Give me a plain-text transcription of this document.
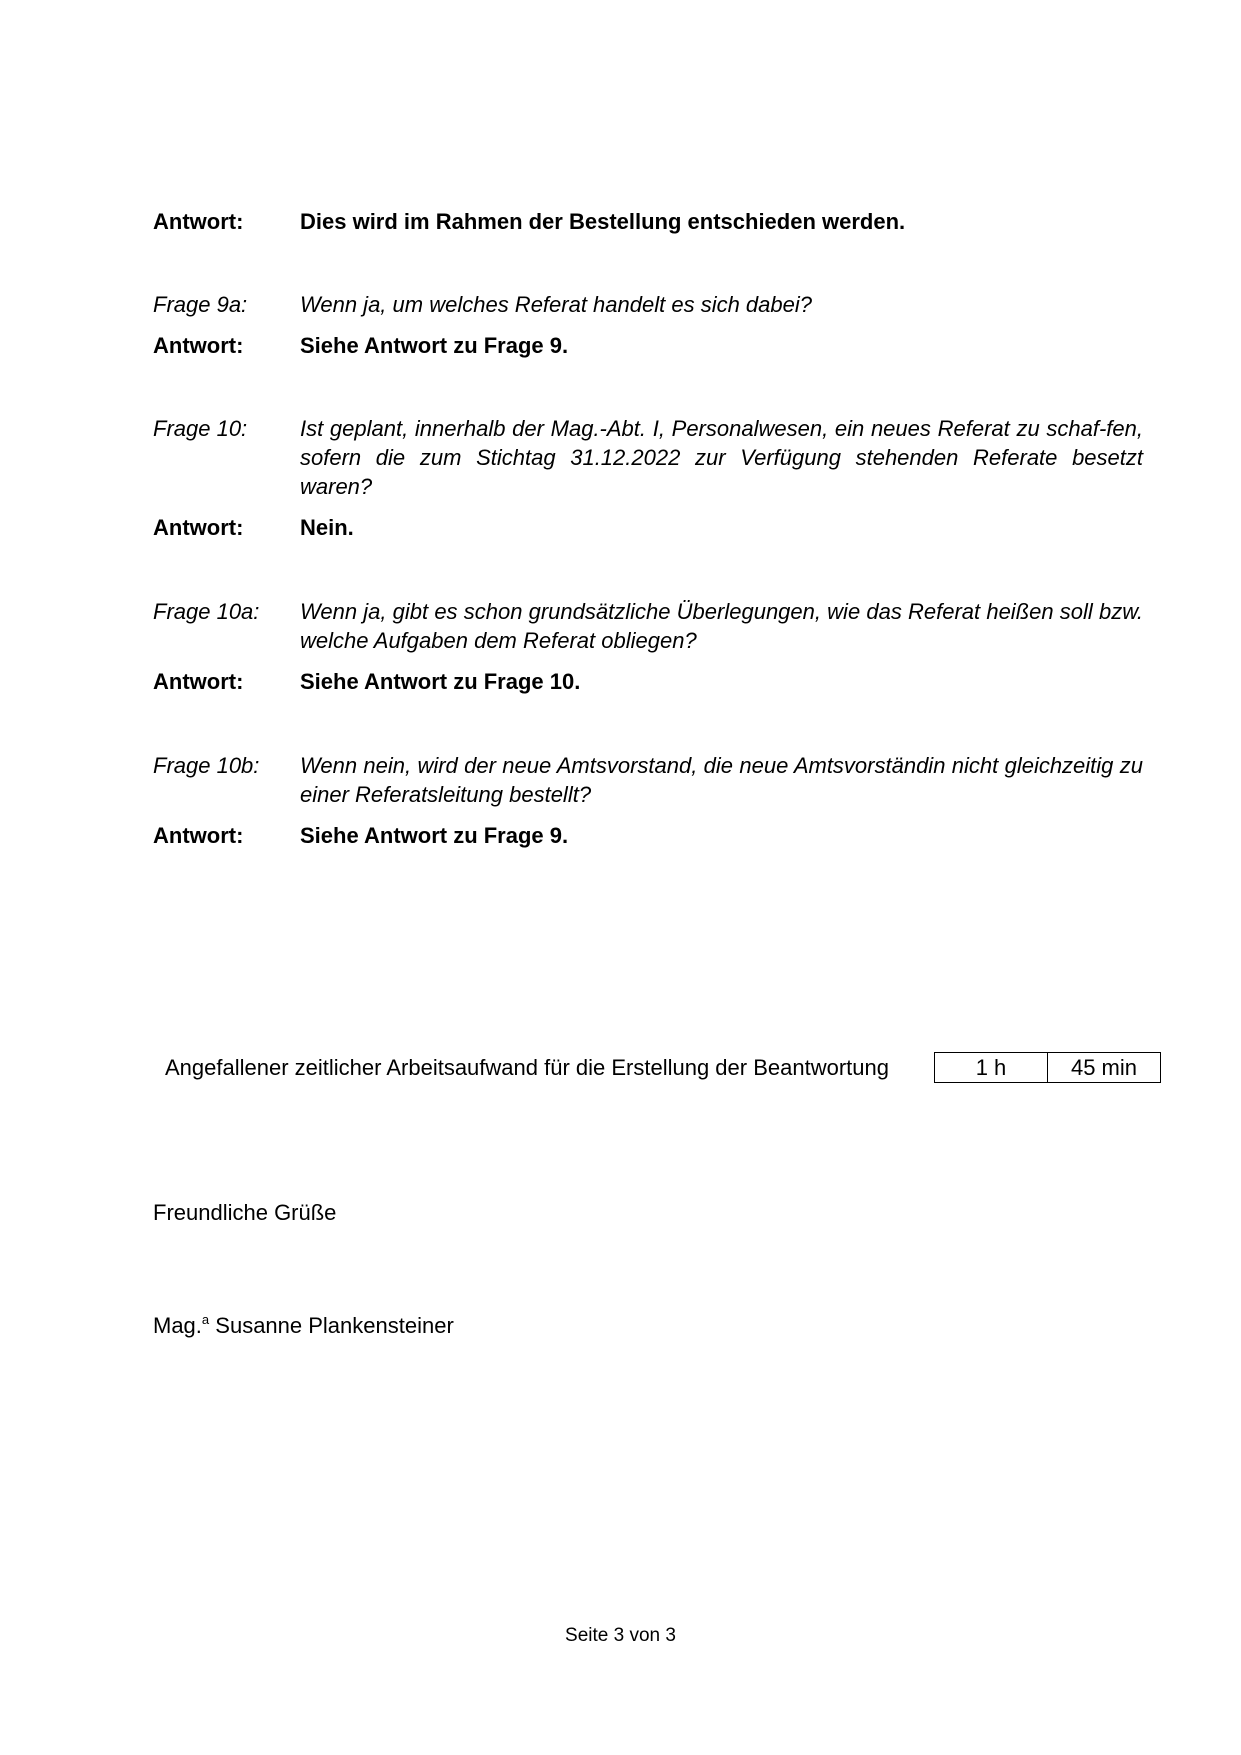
Antwort:	Dies wird im Rahmen der Bestellung entschieden werden.
Frage 9a:	Wenn ja, um welches Referat handelt es sich dabei?
Antwort:	Siehe Antwort zu Frage 9.
Frage 10:	Ist geplant, innerhalb der Mag.-Abt. I, Personalwesen, ein neues Referat zu schaf-fen, sofern die zum Stichtag 31.12.2022 zur Verfügung stehenden Referate besetzt waren?
Antwort:	Nein.
Frage 10a:	Wenn ja, gibt es schon grundsätzliche Überlegungen, wie das Referat heißen soll bzw. welche Aufgaben dem Referat obliegen?
Antwort:	Siehe Antwort zu Frage 10.
Frage 10b:	Wenn nein, wird der neue Amtsvorstand, die neue Amtsvorständin nicht gleichzeitig zu einer Referatsleitung bestellt?
Antwort:	Siehe Antwort zu Frage 9.
Angefallener zeitlicher Arbeitsaufwand für die Erstellung der Beantwortung	1 h	45 min
Freundliche Grüße
Mag.$^a$ Susanne Plankensteiner
Seite 3 von 3
